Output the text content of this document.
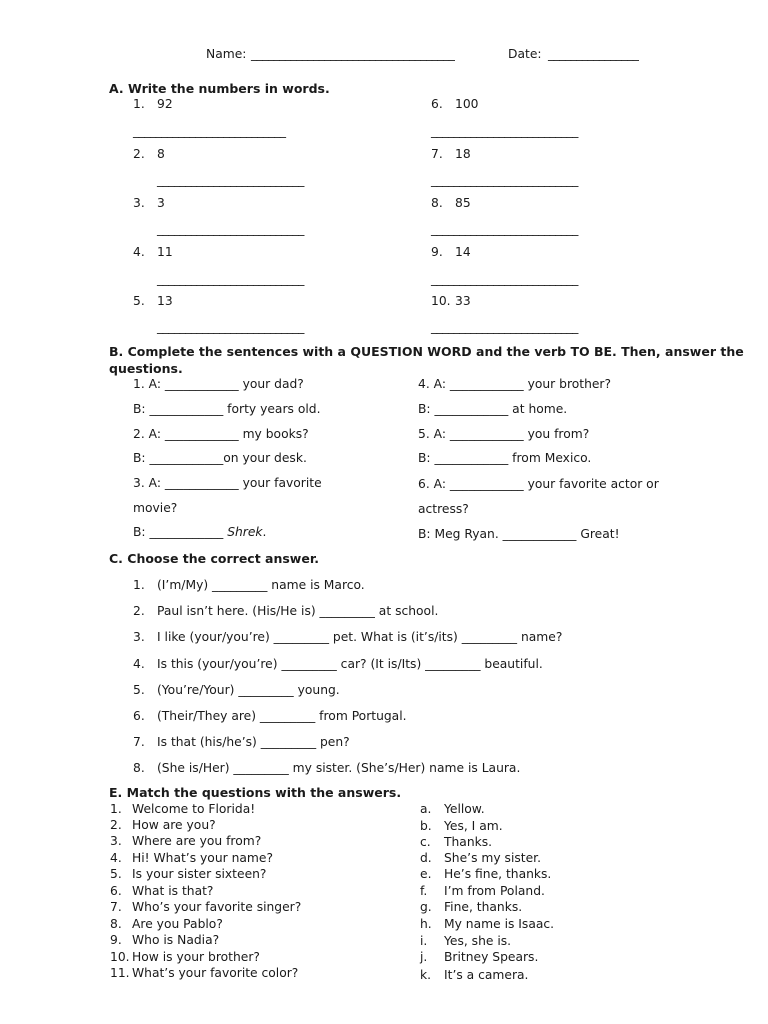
Name: ____________________________________	Date: ________________
A. Write the numbers in words.
1. 92
___________________________
2. 8
__________________________
3. 3
__________________________
4. 11
__________________________
5. 13
__________________________
6. 100
__________________________
7. 18
__________________________
8. 85
__________________________
9. 14
__________________________
10. 33
__________________________
B. Complete the sentences with a QUESTION WORD and the verb TO BE. Then, answer the
questions.
1. A: ____________ your dad?
B: ____________ forty years old.
2. A: ____________ my books?
B: ____________on your desk.
3. A: ____________ your favorite
movie?
B: ____________ Shrek.
4. A: ____________ your brother?
B: ____________ at home.
5. A: ____________ you from?
B: ____________ from Mexico.
6. A: ____________ your favorite actor or
actress?
B: Meg Ryan. ____________ Great!
C. Choose the correct answer.
1. (I’m/My) _________ name is Marco.
2. Paul isn’t here. (His/He is) _________ at school.
3. I like (your/you’re) _________ pet. What is (it’s/its) _________ name?
4. Is this (your/you’re) _________ car? (It is/Its) _________ beautiful.
5. (You’re/Your) _________ young.
6. (Their/They are) _________ from Portugal.
7. Is that (his/he’s) _________ pen?
8. (She is/Her) _________ my sister. (She’s/Her) name is Laura.
E. Match the questions with the answers.
1. Welcome to Florida!
2. How are you?
3. Where are you from?
4. Hi! What’s your name?
5. Is your sister sixteen?
6. What is that?
7. Who’s your favorite singer?
8. Are you Pablo?
9. Who is Nadia?
10. How is your brother?
11. What’s your favorite color?
a. Yellow.
b. Yes, I am.
c. Thanks.
d. She’s my sister.
e. He’s fine, thanks.
f. I’m from Poland.
g. Fine, thanks.
h. My name is Isaac.
i. Yes, she is.
j. Britney Spears.
k. It’s a camera.
